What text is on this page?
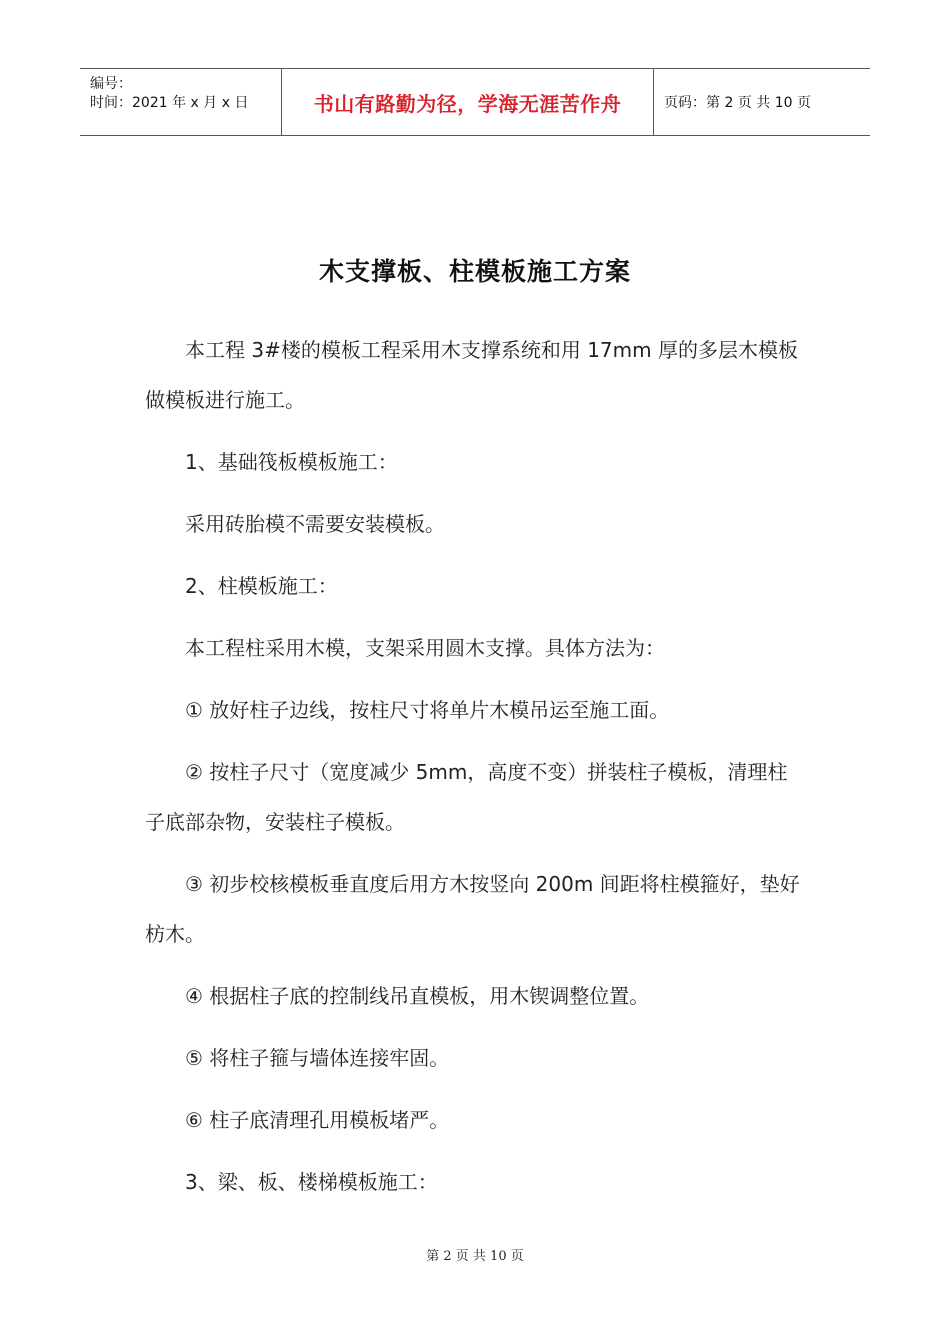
编号：
时间：2021 年 x 月 x 日	书山有路勤为径，学海无涯苦作舟	页码：第 2 页 共 10 页
木支撑板、柱模板施工方案

本工程 3#楼的模板工程采用木支撑系统和用 17mm 厚的多层木模板做模板进行施工。

1、基础筏板模板施工：

采用砖胎模不需要安装模板。

2、柱模板施工：

本工程柱采用木模，支架采用圆木支撑。具体方法为：

① 放好柱子边线，按柱尺寸将单片木模吊运至施工面。

② 按柱子尺寸（宽度减少 5mm，高度不变）拼装柱子模板，清理柱子底部杂物，安装柱子模板。

③ 初步校核模板垂直度后用方木按竖向 200m 间距将柱模箍好，垫好枋木。

④ 根据柱子底的控制线吊直模板，用木锲调整位置。

⑤ 将柱子箍与墙体连接牢固。

⑥ 柱子底清理孔用模板堵严。

3、梁、板、楼梯模板施工：

第 2 页 共 10 页
